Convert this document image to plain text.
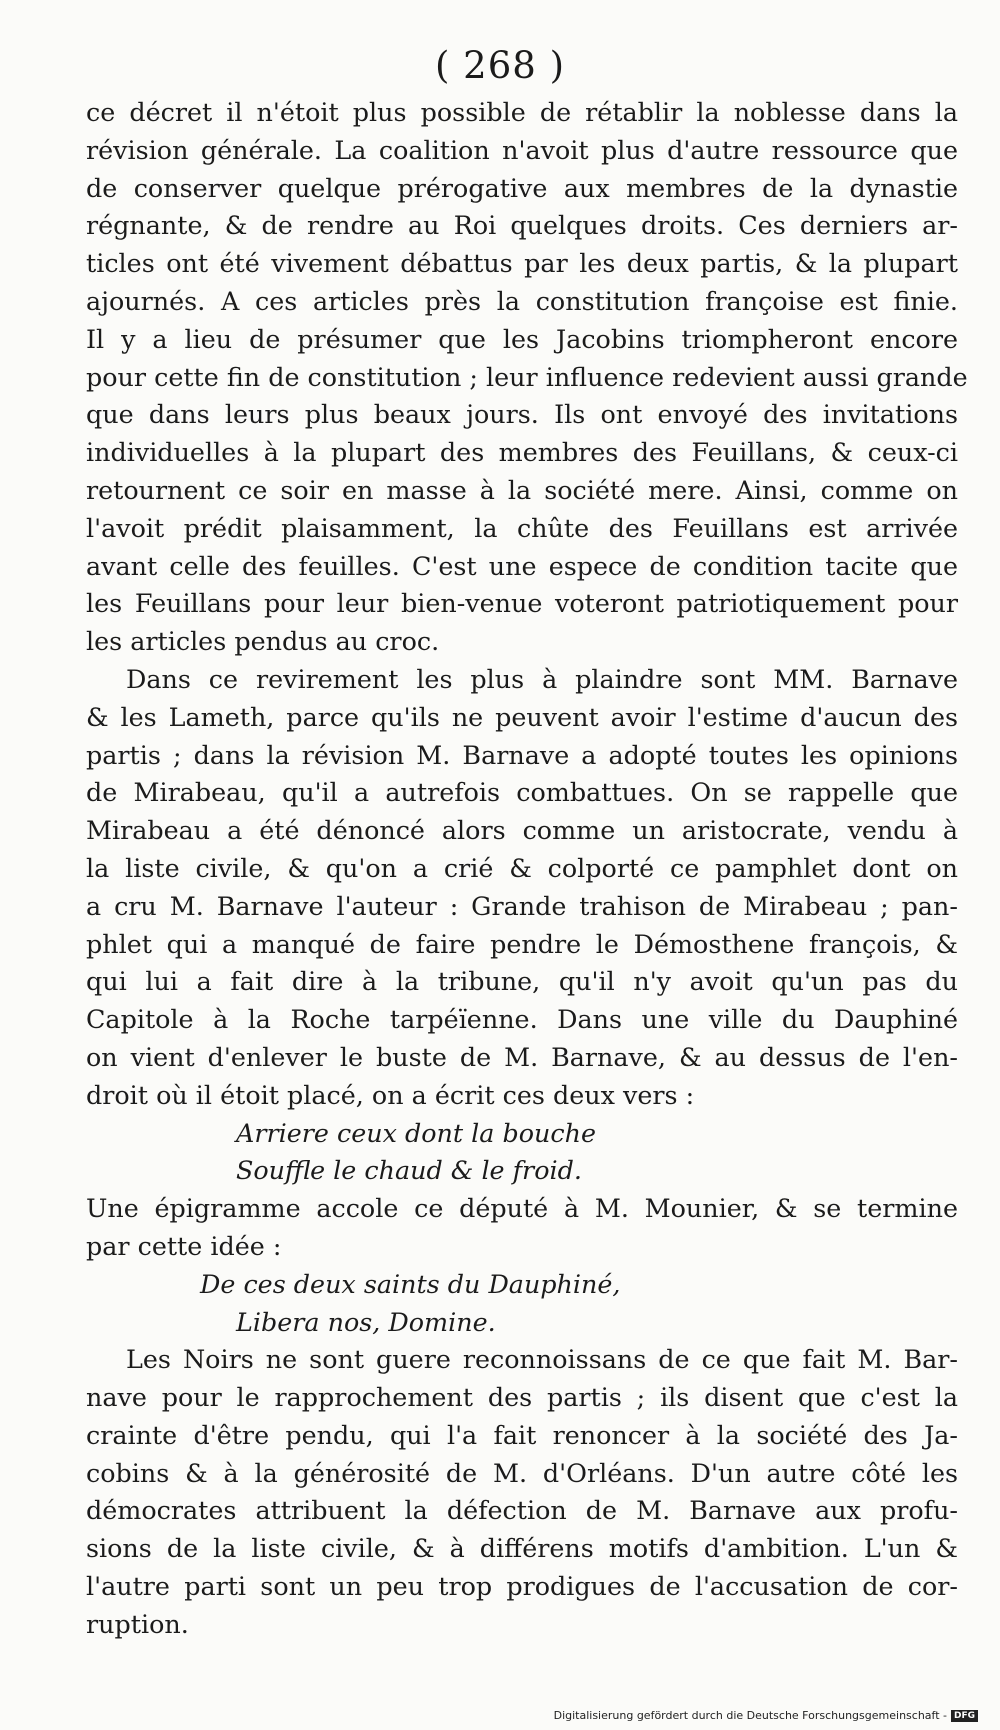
( 268 )
ce décret il n'étoit plus possible de rétablir la noblesse dans la
révision générale. La coalition n'avoit plus d'autre ressource que
de conserver quelque prérogative aux membres de la dynastie
régnante, & de rendre au Roi quelques droits. Ces derniers ar-
ticles ont été vivement débattus par les deux partis, & la plupart
ajournés. A ces articles près la constitution françoise est finie.
Il y a lieu de présumer que les Jacobins triompheront encore
pour cette fin de constitution ; leur influence redevient aussi grande
que dans leurs plus beaux jours. Ils ont envoyé des invitations
individuelles à la plupart des membres des Feuillans, & ceux-ci
retournent ce soir en masse à la société mere. Ainsi, comme on
l'avoit prédit plaisamment, la chûte des Feuillans est arrivée
avant celle des feuilles. C'est une espece de condition tacite que
les Feuillans pour leur bien-venue voteront patriotiquement pour
les articles pendus au croc.
Dans ce revirement les plus à plaindre sont MM. Barnave
& les Lameth, parce qu'ils ne peuvent avoir l'estime d'aucun des
partis ; dans la révision M. Barnave a adopté toutes les opinions
de Mirabeau, qu'il a autrefois combattues. On se rappelle que
Mirabeau a été dénoncé alors comme un aristocrate, vendu à
la liste civile, & qu'on a crié & colporté ce pamphlet dont on
a cru M. Barnave l'auteur : Grande trahison de Mirabeau ; pan-
phlet qui a manqué de faire pendre le Démosthene françois, &
qui lui a fait dire à la tribune, qu'il n'y avoit qu'un pas du
Capitole à la Roche tarpéïenne. Dans une ville du Dauphiné
on vient d'enlever le buste de M. Barnave, & au dessus de l'en-
droit où il étoit placé, on a écrit ces deux vers :
Arriere ceux dont la bouche
Souffle le chaud & le froid.
Une épigramme accole ce député à M. Mounier, & se termine
par cette idée :
De ces deux saints du Dauphiné,
Libera nos, Domine.
Les Noirs ne sont guere reconnoissans de ce que fait M. Bar-
nave pour le rapprochement des partis ; ils disent que c'est la
crainte d'être pendu, qui l'a fait renoncer à la société des Ja-
cobins & à la générosité de M. d'Orléans. D'un autre côté les
démocrates attribuent la défection de M. Barnave aux profu-
sions de la liste civile, & à différens motifs d'ambition. L'un &
l'autre parti sont un peu trop prodigues de l'accusation de cor-
ruption.
Digitalisierung gefördert durch die Deutsche Forschungsgemeinschaft - DFG
